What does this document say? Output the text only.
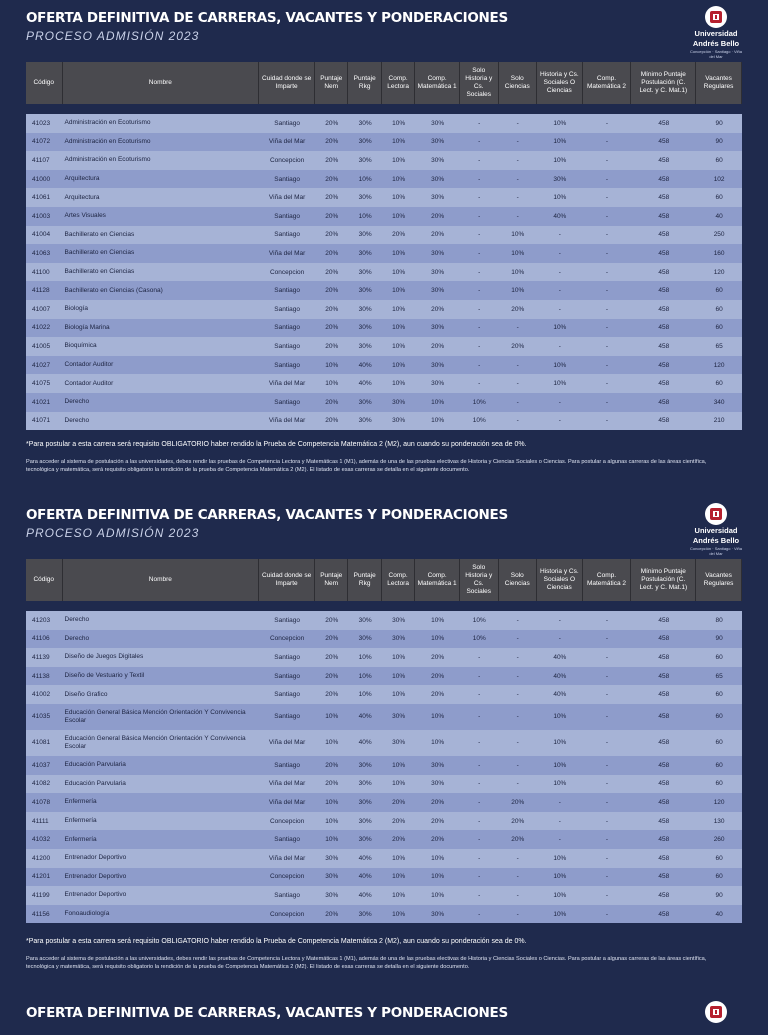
OFERTA DEFINITIVA DE CARRERAS, VACANTES Y PONDERACIONES
PROCESO ADMISIÓN 2023	Universidad
Andrés Bello
Concepción · Santiago · Viña del Mar
Código	Nombre	Cuidad donde se Imparte	Puntaje Nem	Puntaje Rkg	Comp. Lectora	Comp. Matemática 1	Solo Historia y Cs. Sociales	Solo Ciencias	Historia y Cs. Sociales O Ciencias	Comp. Matemática 2	Mínimo Puntaje Postulación (C. Lect. y C. Mat.1)	Vacantes Regulares

41023	Administración en Ecoturismo	Santiago	20%	30%	10%	30%	-	-	10%	-	458	90
41072	Administración en Ecoturismo	Viña del Mar	20%	30%	10%	30%	-	-	10%	-	458	90
41107	Administración en Ecoturismo	Concepcion	20%	30%	10%	30%	-	-	10%	-	458	60
41000	Arquitectura	Santiago	20%	10%	10%	30%	-	-	30%	-	458	102
41061	Arquitectura	Viña del Mar	20%	30%	10%	30%	-	-	10%	-	458	60
41003	Artes Visuales	Santiago	20%	10%	10%	20%	-	-	40%	-	458	40
41004	Bachillerato en Ciencias	Santiago	20%	30%	20%	20%	-	10%	-	-	458	250
41063	Bachillerato en Ciencias	Viña del Mar	20%	30%	10%	30%	-	10%	-	-	458	160
41100	Bachillerato en Ciencias	Concepcion	20%	30%	10%	30%	-	10%	-	-	458	120
41128	Bachillerato en Ciencias (Casona)	Santiago	20%	30%	10%	30%	-	10%	-	-	458	60
41007	Biología	Santiago	20%	30%	10%	20%	-	20%	-	-	458	60
41022	Biología Marina	Santiago	20%	30%	10%	30%	-	-	10%	-	458	60
41005	Bioquímica	Santiago	20%	30%	10%	20%	-	20%	-	-	458	65
41027	Contador Auditor	Santiago	10%	40%	10%	30%	-	-	10%	-	458	120
41075	Contador Auditor	Viña del Mar	10%	40%	10%	30%	-	-	10%	-	458	60
41021	Derecho	Santiago	20%	30%	30%	10%	10%	-	-	-	458	340
41071	Derecho	Viña del Mar	20%	30%	30%	10%	10%	-	-	-	458	210
*Para postular a esta carrera será requisito OBLIGATORIO haber rendido la Prueba de Competencia Matemática 2 (M2), aun cuando su ponderación sea de 0%.
Para acceder al sistema de postulación a las universidades, debes rendir las pruebas de Competencia Lectora y Matemáticas 1 (M1), además de una de las pruebas electivas de Historia y Ciencias Sociales o Ciencias. Para postular a algunas carreras de las áreas científica, tecnológica y matemática, será requisito obligatorio la rendición de la prueba de Competencia Matemática 2 (M2). El listado de esas carreras se detalla en el siguiente documento.
OFERTA DEFINITIVA DE CARRERAS, VACANTES Y PONDERACIONES
PROCESO ADMISIÓN 2023	Universidad
Andrés Bello
Concepción · Santiago · Viña del Mar
Código	Nombre	Cuidad donde se Imparte	Puntaje Nem	Puntaje Rkg	Comp. Lectora	Comp. Matemática 1	Solo Historia y Cs. Sociales	Solo Ciencias	Historia y Cs. Sociales O Ciencias	Comp. Matemática 2	Mínimo Puntaje Postulación (C. Lect. y C. Mat.1)	Vacantes Regulares

41203	Derecho	Santiago	20%	30%	30%	10%	10%	-	-	-	458	80
41106	Derecho	Concepcion	20%	30%	30%	10%	10%	-	-	-	458	90
41139	Diseño de Juegos Digitales	Santiago	20%	10%	10%	20%	-	-	40%	-	458	60
41138	Diseño de Vestuario y Textil	Santiago	20%	10%	10%	20%	-	-	40%	-	458	65
41002	Diseño Grafico	Santiago	20%	10%	10%	20%	-	-	40%	-	458	60
41035	Educación General Básica Mención Orientación Y Convivencia Escolar	Santiago	10%	40%	30%	10%	-	-	10%	-	458	60
41081	Educación General Básica Mención Orientación Y Convivencia Escolar	Viña del Mar	10%	40%	30%	10%	-	-	10%	-	458	60
41037	Educación Parvularia	Santiago	20%	30%	10%	30%	-	-	10%	-	458	60
41082	Educación Parvularia	Viña del Mar	20%	30%	10%	30%	-	-	10%	-	458	60
41078	Enfermería	Viña del Mar	10%	30%	20%	20%	-	20%	-	-	458	120
41111	Enfermería	Concepcion	10%	30%	20%	20%	-	20%	-	-	458	130
41032	Enfermería	Santiago	10%	30%	20%	20%	-	20%	-	-	458	260
41200	Entrenador Deportivo	Viña del Mar	30%	40%	10%	10%	-	-	10%	-	458	60
41201	Entrenador Deportivo	Concepcion	30%	40%	10%	10%	-	-	10%	-	458	60
41199	Entrenador Deportivo	Santiago	30%	40%	10%	10%	-	-	10%	-	458	90
41156	Fonoaudiología	Concepcion	20%	30%	10%	30%	-	-	10%	-	458	40
*Para postular a esta carrera será requisito OBLIGATORIO haber rendido la Prueba de Competencia Matemática 2 (M2), aun cuando su ponderación sea de 0%.
Para acceder al sistema de postulación a las universidades, debes rendir las pruebas de Competencia Lectora y Matemáticas 1 (M1), además de una de las pruebas electivas de Historia y Ciencias Sociales o Ciencias. Para postular a algunas carreras de las áreas científica, tecnológica y matemática, será requisito obligatorio la rendición de la prueba de Competencia Matemática 2 (M2). El listado de esas carreras se detalla en el siguiente documento.
OFERTA DEFINITIVA DE CARRERAS, VACANTES Y PONDERACIONES
